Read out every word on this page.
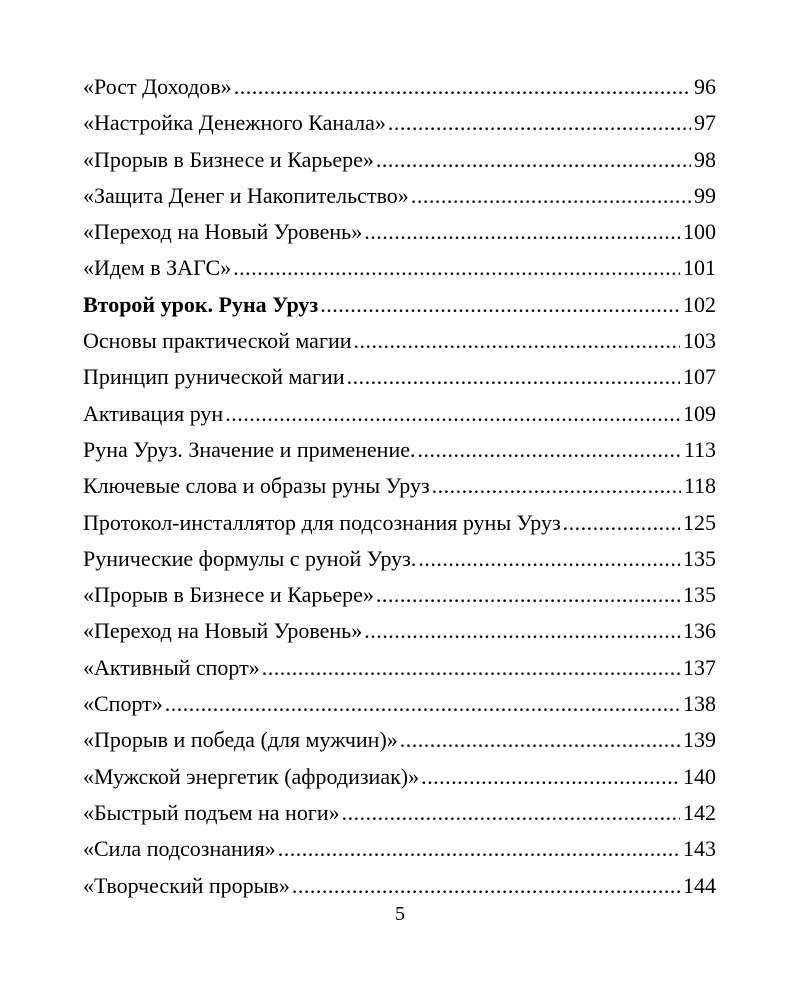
«Рост Доходов» .....	96
«Настройка Денежного Канала» .....	97
«Прорыв в Бизнесе и Карьере» .....	98
«Защита Денег и Накопительство» .....	99
«Переход на Новый Уровень» .....	100
«Идем в ЗАГС» .....	101
Второй урок. Руна Уруз .....	102
Основы практической магии .....	103
Принцип рунической магии .....	107
Активация рун .....	109
Руна Уруз. Значение и применение. .....	113
Ключевые слова и образы руны Уруз .....	118
Протокол-инсталлятор для подсознания руны Уруз .....	125
Рунические формулы с руной Уруз. .....	135
«Прорыв в Бизнесе и Карьере» .....	135
«Переход на Новый Уровень» .....	136
«Активный спорт» .....	137
«Спорт» .....	138
«Прорыв и победа (для мужчин)» .....	139
«Мужской энергетик (афродизиак)» .....	140
«Быстрый подъем на ноги» .....	142
«Сила подсознания» .....	143
«Творческий прорыв» .....	144
5
